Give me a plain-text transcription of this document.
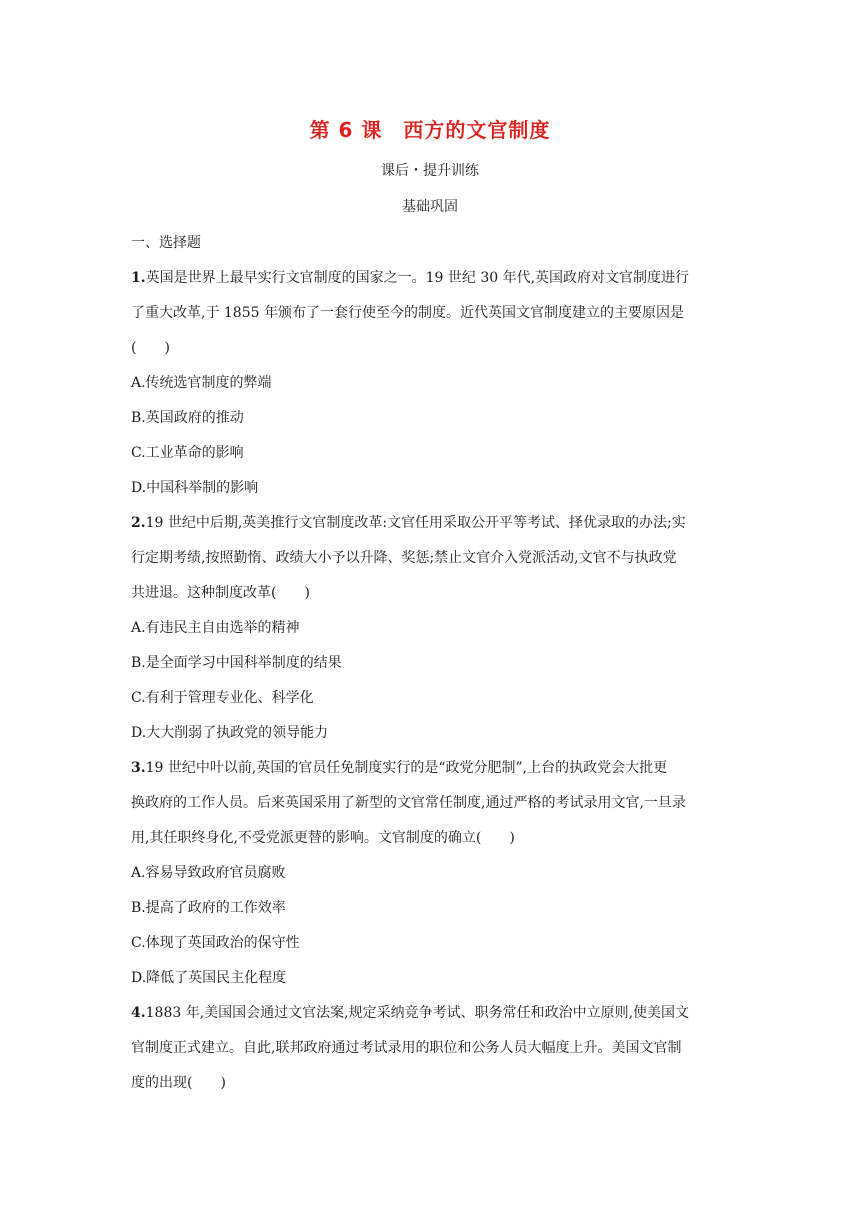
第 6 课　西方的文官制度
课后・提升训练
基础巩固
一、选择题
1.英国是世界上最早实行文官制度的国家之一。19 世纪 30 年代,英国政府对文官制度进行
了重大改革,于 1855 年颁布了一套行使至今的制度。近代英国文官制度建立的主要原因是
(　　)
A.传统选官制度的弊端
B.英国政府的推动
C.工业革命的影响
D.中国科举制的影响
2.19 世纪中后期,英美推行文官制度改革:文官任用采取公开平等考试、择优录取的办法;实
行定期考绩,按照勤惰、政绩大小予以升降、奖惩;禁止文官介入党派活动,文官不与执政党
共进退。这种制度改革(　　)
A.有违民主自由选举的精神
B.是全面学习中国科举制度的结果
C.有利于管理专业化、科学化
D.大大削弱了执政党的领导能力
3.19 世纪中叶以前,英国的官员任免制度实行的是“政党分肥制”,上台的执政党会大批更
换政府的工作人员。后来英国采用了新型的文官常任制度,通过严格的考试录用文官,一旦录
用,其任职终身化,不受党派更替的影响。文官制度的确立(　　)
A.容易导致政府官员腐败
B.提高了政府的工作效率
C.体现了英国政治的保守性
D.降低了英国民主化程度
4.1883 年,美国国会通过文官法案,规定采纳竞争考试、职务常任和政治中立原则,使美国文
官制度正式建立。自此,联邦政府通过考试录用的职位和公务人员大幅度上升。美国文官制
度的出现(　　)
